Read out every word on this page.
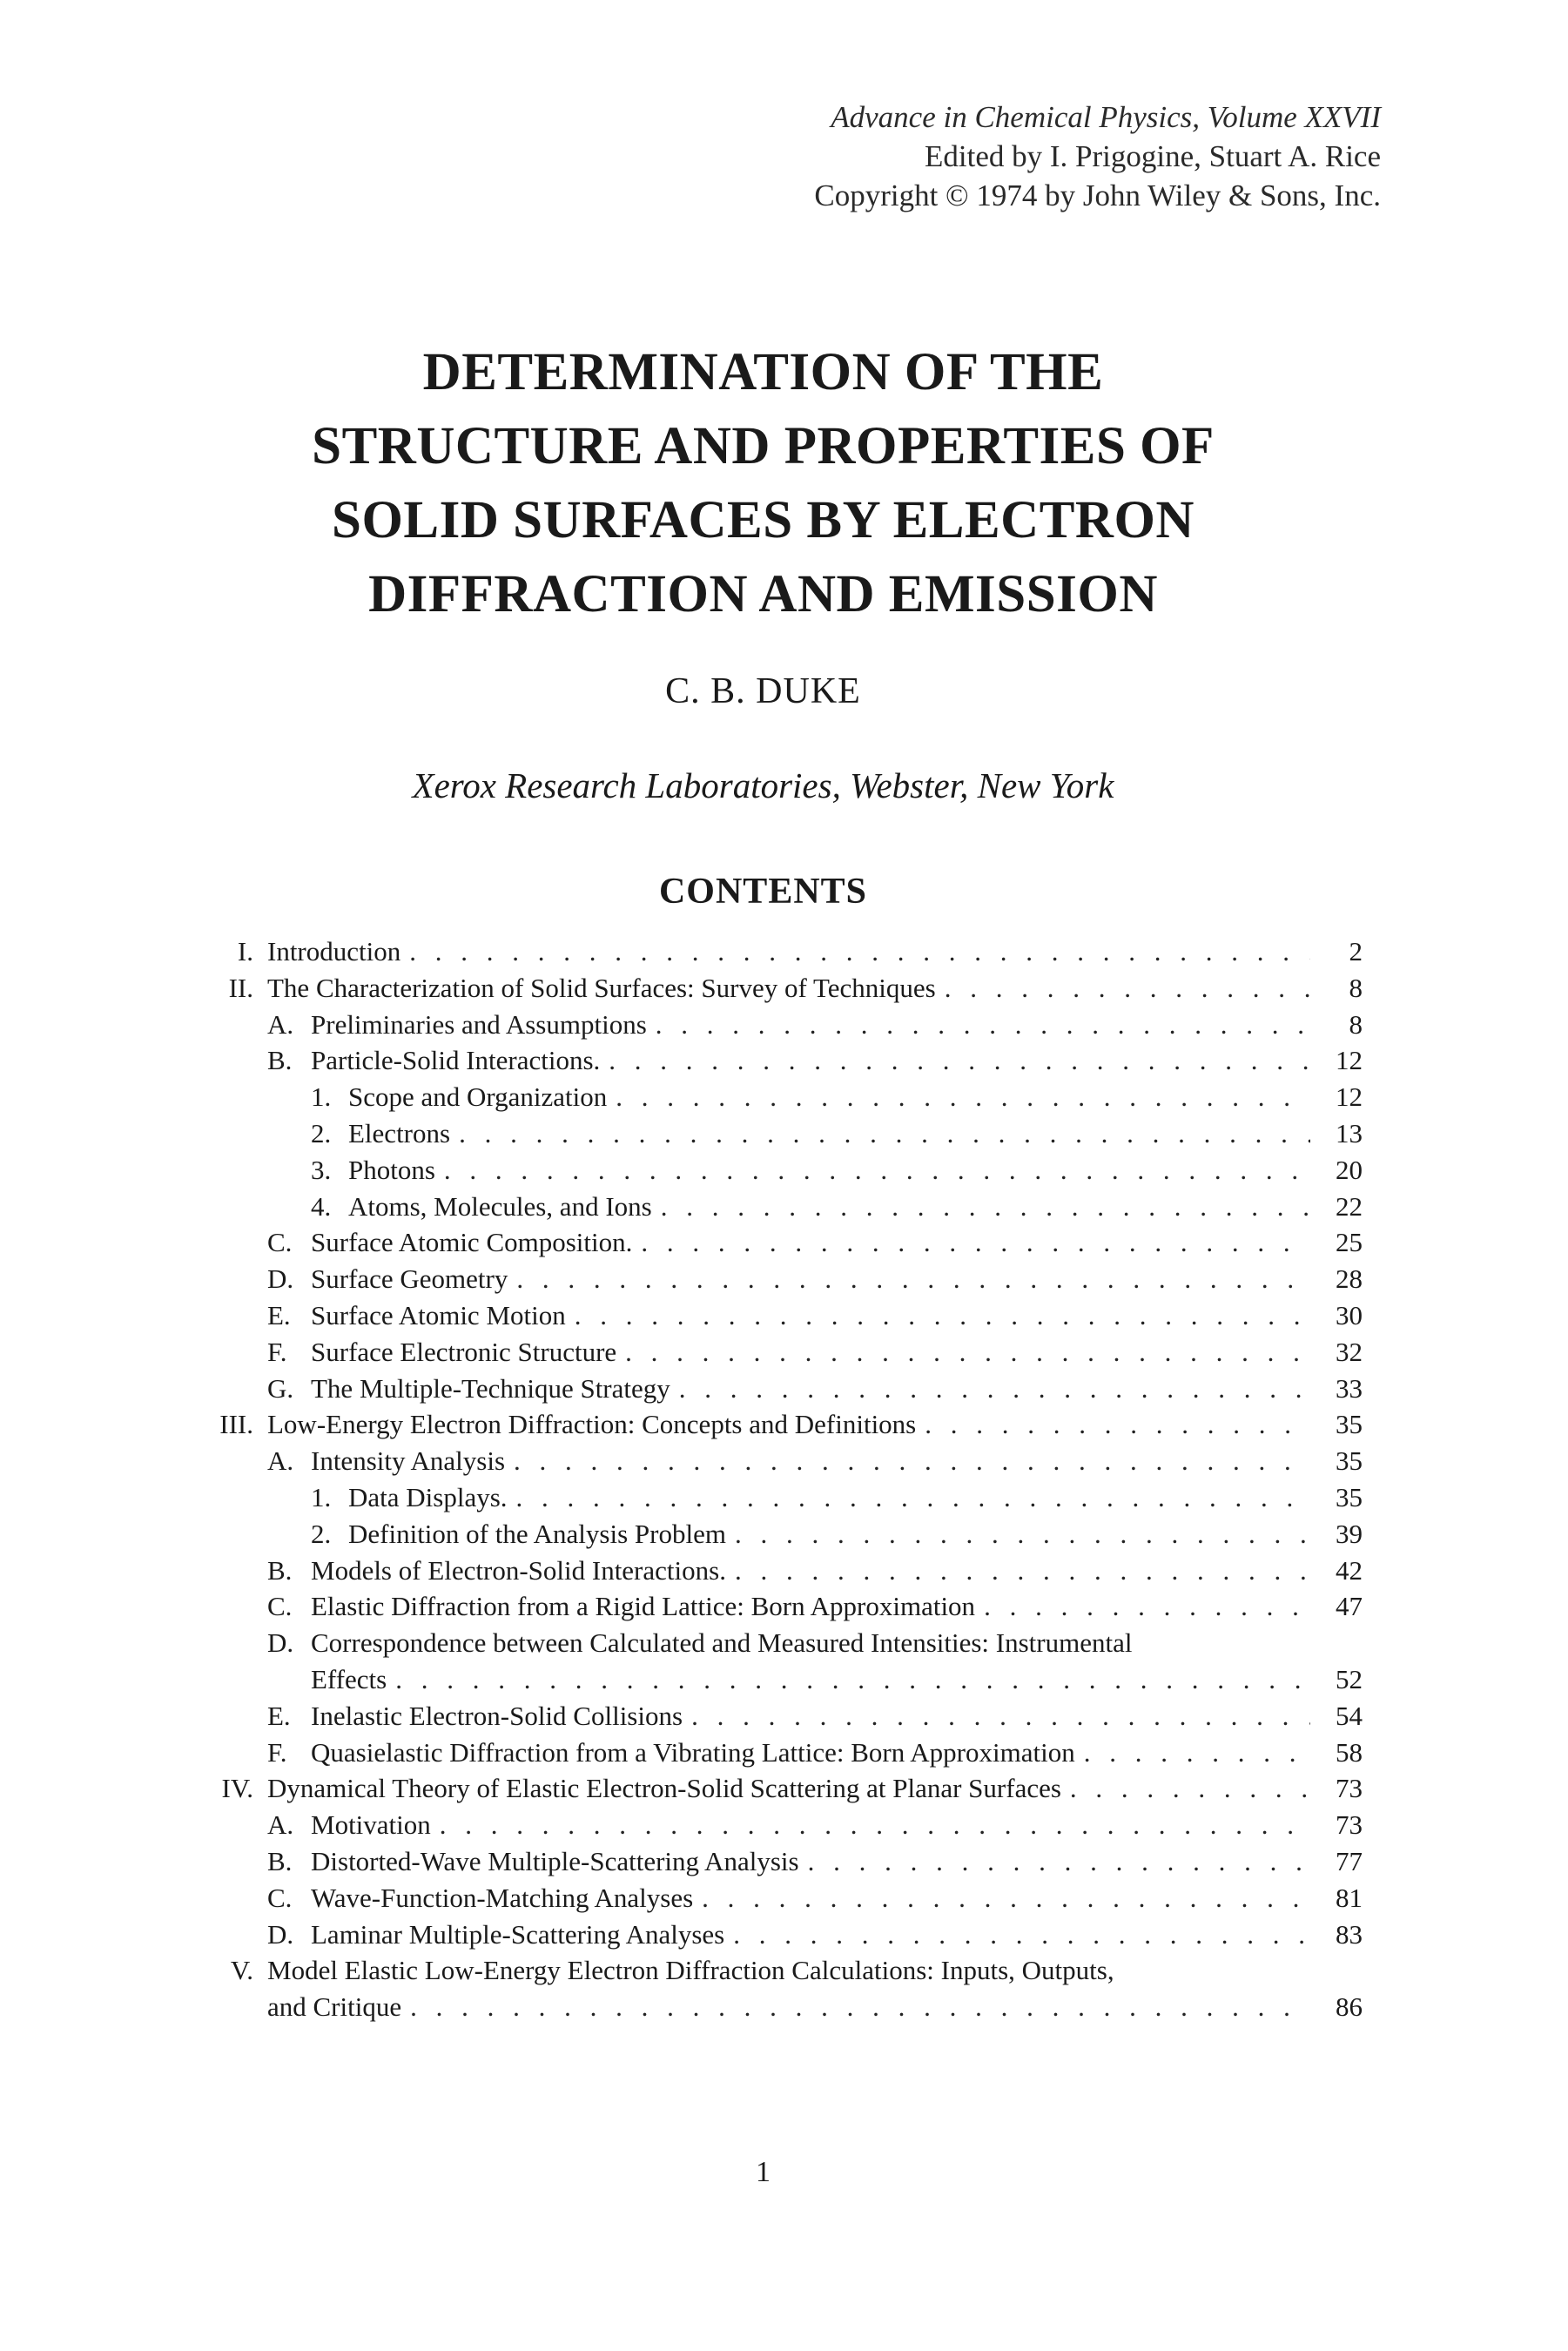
Advance in Chemical Physics, Volume XXVII
Edited by I. Prigogine, Stuart A. Rice
Copyright © 1974 by John Wiley & Sons, Inc.
DETERMINATION OF THE
STRUCTURE AND PROPERTIES OF
SOLID SURFACES BY ELECTRON
DIFFRACTION AND EMISSION
C. B. DUKE
Xerox Research Laboratories, Webster, New York
CONTENTS
I. Introduction . . .	2
II. The Characterization of Solid Surfaces: Survey of Techniques . . .	8
A. Preliminaries and Assumptions . . .	8
B. Particle-Solid Interactions. . . .	12
1. Scope and Organization . . .	12
2. Electrons . . .	13
3. Photons . . .	20
4. Atoms, Molecules, and Ions . . .	22
C. Surface Atomic Composition. . . .	25
D. Surface Geometry . . .	28
E. Surface Atomic Motion . . .	30
F. Surface Electronic Structure . . .	32
G. The Multiple-Technique Strategy . . .	33
III. Low-Energy Electron Diffraction: Concepts and Definitions . . .	35
A. Intensity Analysis . . .	35
1. Data Displays. . . .	35
2. Definition of the Analysis Problem . . .	39
B. Models of Electron-Solid Interactions. . . .	42
C. Elastic Diffraction from a Rigid Lattice: Born Approximation . . .	47
D. Correspondence between Calculated and Measured Intensities: Instrumental
Effects . . .	52
E. Inelastic Electron-Solid Collisions . . .	54
F. Quasielastic Diffraction from a Vibrating Lattice: Born Approximation . . .	58
IV. Dynamical Theory of Elastic Electron-Solid Scattering at Planar Surfaces . . .	73
A. Motivation . . .	73
B. Distorted-Wave Multiple-Scattering Analysis . . .	77
C. Wave-Function-Matching Analyses . . .	81
D. Laminar Multiple-Scattering Analyses . . .	83
V. Model Elastic Low-Energy Electron Diffraction Calculations: Inputs, Outputs,
and Critique . . .	86
1
